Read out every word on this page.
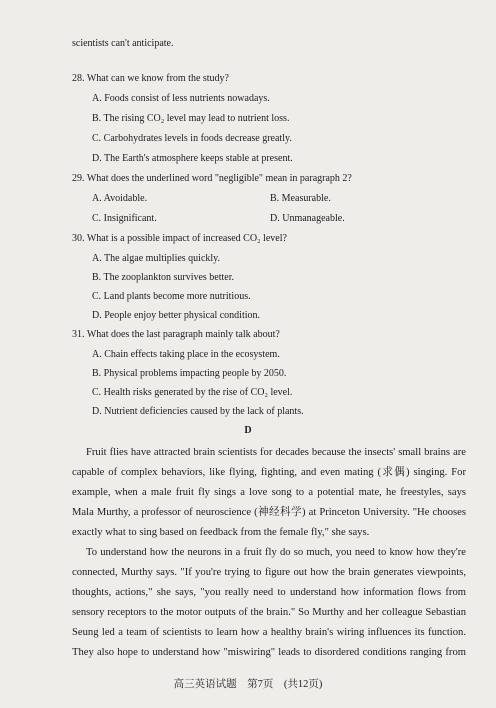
scientists can't anticipate.
28. What can we know from the study?
A. Foods consist of less nutrients nowadays.
B. The rising CO₂ level may lead to nutrient loss.
C. Carbohydrates levels in foods decrease greatly.
D. The Earth's atmosphere keeps stable at present.
29. What does the underlined word "negligible" mean in paragraph 2?
A. Avoidable.	B. Measurable.
C. Insignificant.	D. Unmanageable.
30. What is a possible impact of increased CO₂ level?
A. The algae multiplies quickly.
B. The zooplankton survives better.
C. Land plants become more nutritious.
D. People enjoy better physical condition.
31. What does the last paragraph mainly talk about?
A. Chain effects taking place in the ecosystem.
B. Physical problems impacting people by 2050.
C. Health risks generated by the rise of CO₂ level.
D. Nutrient deficiencies caused by the lack of plants.
D
Fruit flies have attracted brain scientists for decades because the insects' small brains are
capable of complex behaviors, like flying, fighting, and even mating (求偶) singing. For
example, when a male fruit fly sings a love song to a potential mate, he freestyles, says
Mala Murthy, a professor of neuroscience (神经科学) at Princeton University. "He chooses
exactly what to sing based on feedback from the female fly," she says.
To understand how the neurons in a fruit fly do so much, you need to know how they're
connected, Murthy says. "If you're trying to figure out how the brain generates viewpoints,
thoughts, actions," she says, "you really need to understand how information flows from
sensory receptors to the motor outputs of the brain." So Murthy and her colleague Sebastian
Seung led a team of scientists to learn how a healthy brain's wiring influences its function.
They also hope to understand how "miswiring" leads to disordered conditions ranging from
高三英语试题　第7页　(共12页)
